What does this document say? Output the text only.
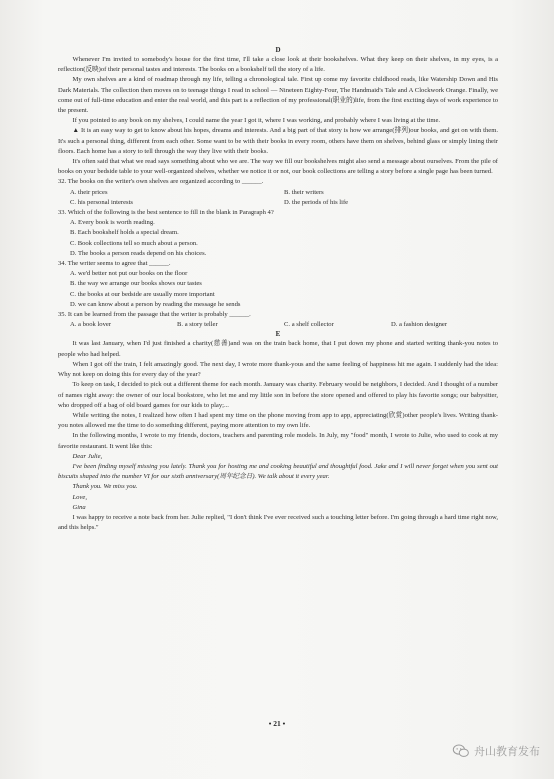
D

Whenever I'm invited to somebody's house for the first time, I'll take a close look at their bookshelves. What they keep on their shelves, in my eyes, is a reflection(反映)of their personal tastes and interests. The books on a bookshelf tell the story of a life.

My own shelves are a kind of roadmap through my life, telling a chronological tale. First up come my favorite childhood reads, like Watership Down and His Dark Materials. The collection then moves on to teenage things I read in school — Nineteen Eighty-Four, The Handmaid's Tale and A Clockwork Orange. Finally, we come out of full-time education and enter the real world, and this part is a reflection of my professional(职业的)life, from the first exciting days of work experience to the present.

If you pointed to any book on my shelves, I could name the year I got it, where I was working, and probably where I was living at the time.

▲ It is an easy way to get to know about his hopes, dreams and interests. And a big part of that story is how we arrange(排列)our books, and get on with them. It's such a personal thing, different from each other. Some want to be with their books in every room, others have them on shelves, behind glass or simply lining their floors. Each home has a story to tell through the way they live with their books.

It's often said that what we read says something about who we are. The way we fill our bookshelves might also send a message about ourselves. From the pile of books on your bedside table to your well-organized shelves, whether we notice it or not, our book collections are telling a story before a single page has been turned.

32. The books on the writer's own shelves are organized according to ______.

A. their prices	B. their writers
C. his personal interests	D. the periods of his life

33. Which of the following is the best sentence to fill in the blank in Paragraph 4?

A. Every book is worth reading.

B. Each bookshelf holds a special dream.

C. Book collections tell so much about a person.

D. The books a person reads depend on his choices.

34. The writer seems to agree that ______.

A. we'd better not put our books on the floor

B. the way we arrange our books shows our tastes

C. the books at our bedside are usually more important

D. we can know about a person by reading the message he sends

35. It can be learned from the passage that the writer is probably ______.

A. a book lover	B. a story teller	C. a shelf collector	D. a fashion designer

E

It was last January, when I'd just finished a charity(慈善)and was on the train back home, that I put down my phone and started writing thank-you notes to people who had helped.

When I got off the train, I felt amazingly good. The next day, I wrote more thank-yous and the same feeling of happiness hit me again. I suddenly had the idea: Why not keep on doing this for every day of the year?

To keep on task, I decided to pick out a different theme for each month. January was charity. February would be neighbors, I decided. And I thought of a number of names right away: the owner of our local bookstore, who let me and my little son in before the store opened and offered to play his favorite songs; our babysitter, who dropped off a bag of old board games for our kids to play;...

While writing the notes, I realized how often I had spent my time on the phone moving from app to app, appreciating(欣赏)other people's lives. Writing thank-you notes allowed me the time to do something different, paying more attention to my own life.

In the following months, I wrote to my friends, doctors, teachers and parenting role models. In July, my "food" month, I wrote to Julie, who used to cook at my favorite restaurant. It went like this:

Dear Julie,

I've been finding myself missing you lately. Thank you for hosting me and cooking beautiful and thoughtful food. Jake and I will never forget when you sent out biscuits shaped into the number VI for our sixth anniversary(周年纪念日). We talk about it every year.

Thank you. We miss you.

Love,

Gina

I was happy to receive a note back from her. Julie replied, "I don't think I've ever received such a touching letter before. I'm going through a hard time right now, and this helps."

• 21 •
舟山教育发布
